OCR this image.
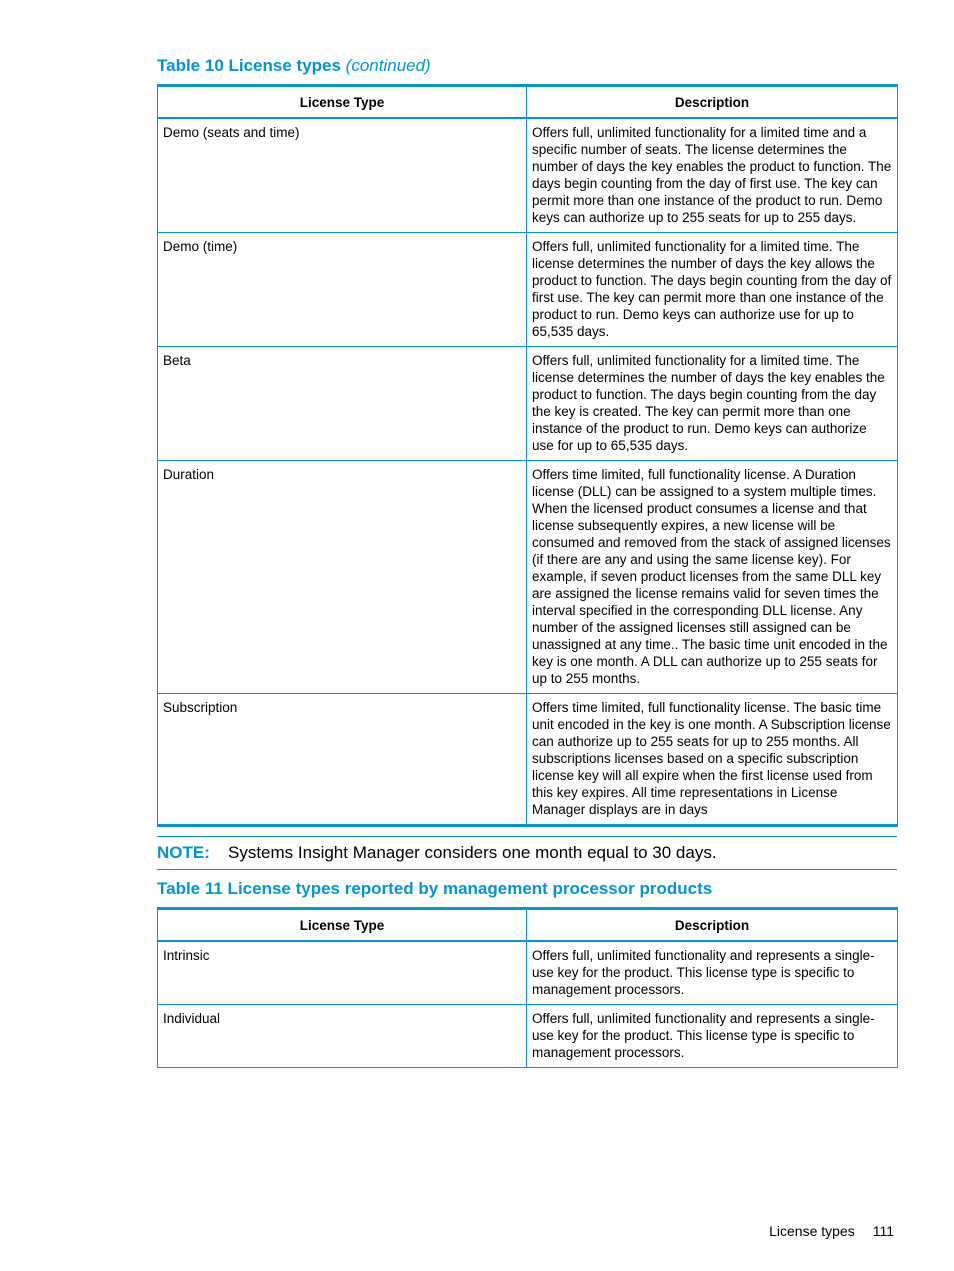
Table 10 License types (continued)
License Type	Description
Demo (seats and time)	Offers full, unlimited functionality for a limited time and a specific number of seats. The license determines the number of days the key enables the product to function. The days begin counting from the day of first use. The key can permit more than one instance of the product to run. Demo keys can authorize up to 255 seats for up to 255 days.
Demo (time)	Offers full, unlimited functionality for a limited time. The license determines the number of days the key allows the product to function. The days begin counting from the day of first use. The key can permit more than one instance of the product to run. Demo keys can authorize use for up to 65,535 days.
Beta	Offers full, unlimited functionality for a limited time. The license determines the number of days the key enables the product to function. The days begin counting from the day the key is created. The key can permit more than one instance of the product to run. Demo keys can authorize use for up to 65,535 days.
Duration	Offers time limited, full functionality license. A Duration license (DLL) can be assigned to a system multiple times. When the licensed product consumes a license and that license subsequently expires, a new license will be consumed and removed from the stack of assigned licenses (if there are any and using the same license key). For example, if seven product licenses from the same DLL key are assigned the license remains valid for seven times the interval specified in the corresponding DLL license. Any number of the assigned licenses still assigned can be unassigned at any time.. The basic time unit encoded in the key is one month. A DLL can authorize up to 255 seats for up to 255 months.
Subscription	Offers time limited, full functionality license. The basic time unit encoded in the key is one month. A Subscription license can authorize up to 255 seats for up to 255 months. All subscriptions licenses based on a specific subscription license key will all expire when the first license used from this key expires. All time representations in License Manager displays are in days
NOTE:	Systems Insight Manager considers one month equal to 30 days.
Table 11 License types reported by management processor products
License Type	Description
Intrinsic	Offers full, unlimited functionality and represents a single-use key for the product. This license type is specific to management processors.
Individual	Offers full, unlimited functionality and represents a single-use key for the product. This license type is specific to management processors.
License types 111
